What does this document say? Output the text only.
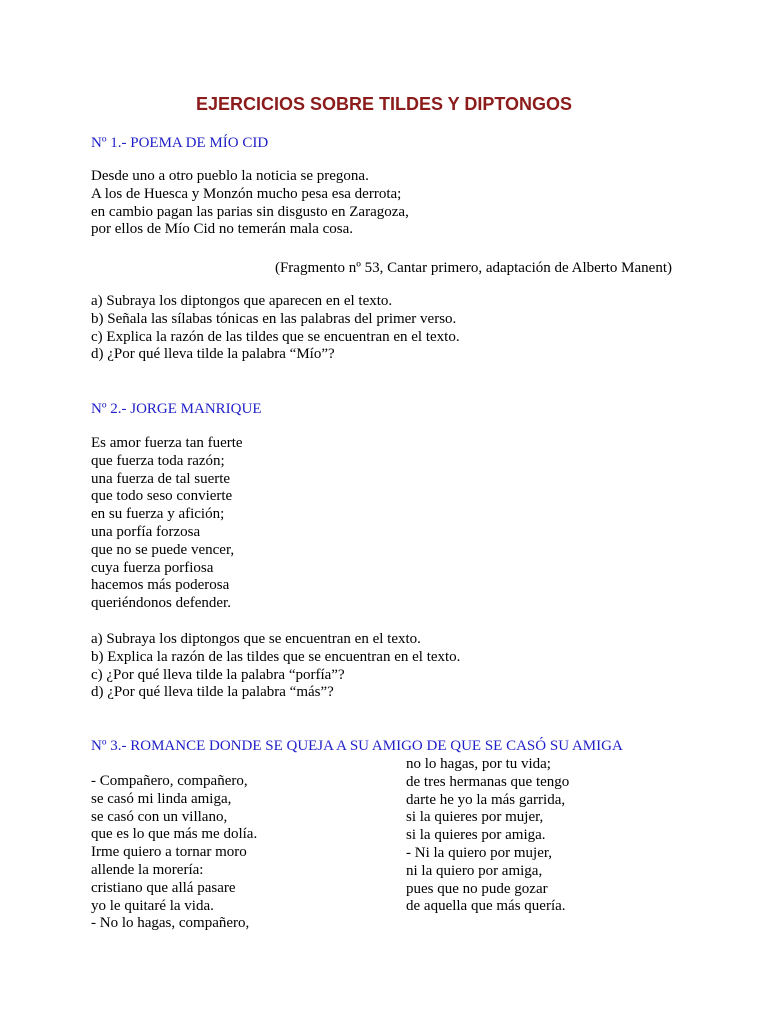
EJERCICIOS SOBRE TILDES Y DIPTONGOS
Nº 1.- POEMA DE MÍO CID
Desde uno a otro pueblo la noticia se pregona.
A los de Huesca y Monzón mucho pesa esa derrota;
en cambio pagan las parias sin disgusto en Zaragoza,
por ellos de Mío Cid no temerán mala cosa.
(Fragmento nº 53, Cantar primero, adaptación de Alberto Manent)
a) Subraya los diptongos que aparecen en el texto.
b) Señala las sílabas tónicas en las palabras del primer verso.
c) Explica la razón de las tildes que se encuentran en el texto.
d) ¿Por qué lleva tilde la palabra “Mío”?
Nº 2.- JORGE MANRIQUE
Es amor fuerza tan fuerte
que fuerza toda razón;
una fuerza de tal suerte
que todo seso convierte
en su fuerza y afición;
una porfía forzosa
que no se puede vencer,
cuya fuerza porfiosa
hacemos más poderosa
queriéndonos defender.
a) Subraya los diptongos que se encuentran en el texto.
b) Explica la razón de las tildes que se encuentran en el texto.
c) ¿Por qué lleva tilde la palabra “porfía”?
d) ¿Por qué lleva tilde la palabra “más”?
Nº 3.- ROMANCE DONDE SE QUEJA A SU AMIGO DE QUE SE CASÓ SU AMIGA
- Compañero, compañero,
se casó mi linda amiga,
se casó con un villano,
que es lo que más me dolía.
Irme quiero a tornar moro
allende la morería:
cristiano que allá pasare
yo le quitaré la vida.
- No lo hagas, compañero,
no lo hagas, por tu vida;
de tres hermanas que tengo
darte he yo la más garrida,
si la quieres por mujer,
si la quieres por amiga.
- Ni la quiero por mujer,
ni la quiero por amiga,
pues que no pude gozar
de aquella que más quería.
